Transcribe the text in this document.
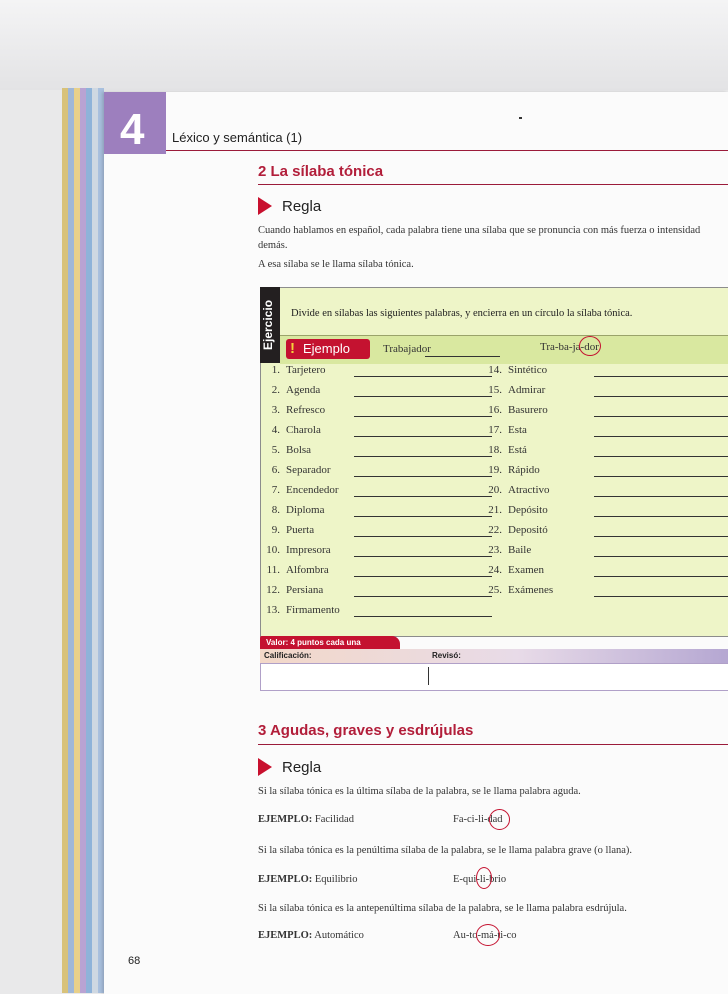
4 Léxico y semántica (1)
2 La sílaba tónica
Regla
Cuando hablamos en español, cada palabra tiene una sílaba que se pronuncia con más fuerza o intensidad
demás.
A esa sílaba se le llama sílaba tónica.
Ejercicio	Divide en sílabas las siguientes palabras, y encierra en un círculo la sílaba tónica.
! Ejemplo	Trabajador	Tra-ba-ja-dor
1. Tarjetero
2. Agenda
3. Refresco
4. Charola
5. Bolsa
6. Separador
7. Encendedor
8. Diploma
9. Puerta
10. Impresora
11. Alfombra
12. Persiana
13. Firmamento
14. Sintético
15. Admirar
16. Basurero
17. Esta
18. Está
19. Rápido
20. Atractivo
21. Depósito
22. Depositó
23. Baile
24. Examen
25. Exámenes
Valor: 4 puntos cada una
Calificación:	Revisó:
3 Agudas, graves y esdrújulas
Regla
Si la sílaba tónica es la última sílaba de la palabra, se le llama palabra aguda.
EJEMPLO: Facilidad	Fa-ci-li-dad
Si la sílaba tónica es la penúltima sílaba de la palabra, se le llama palabra grave (o llana).
EJEMPLO: Equilibrio	E-qui-li-brio
Si la sílaba tónica es la antepenúltima sílaba de la palabra, se le llama palabra esdrújula.
EJEMPLO: Automático	Au-to-má-ti-co
68
